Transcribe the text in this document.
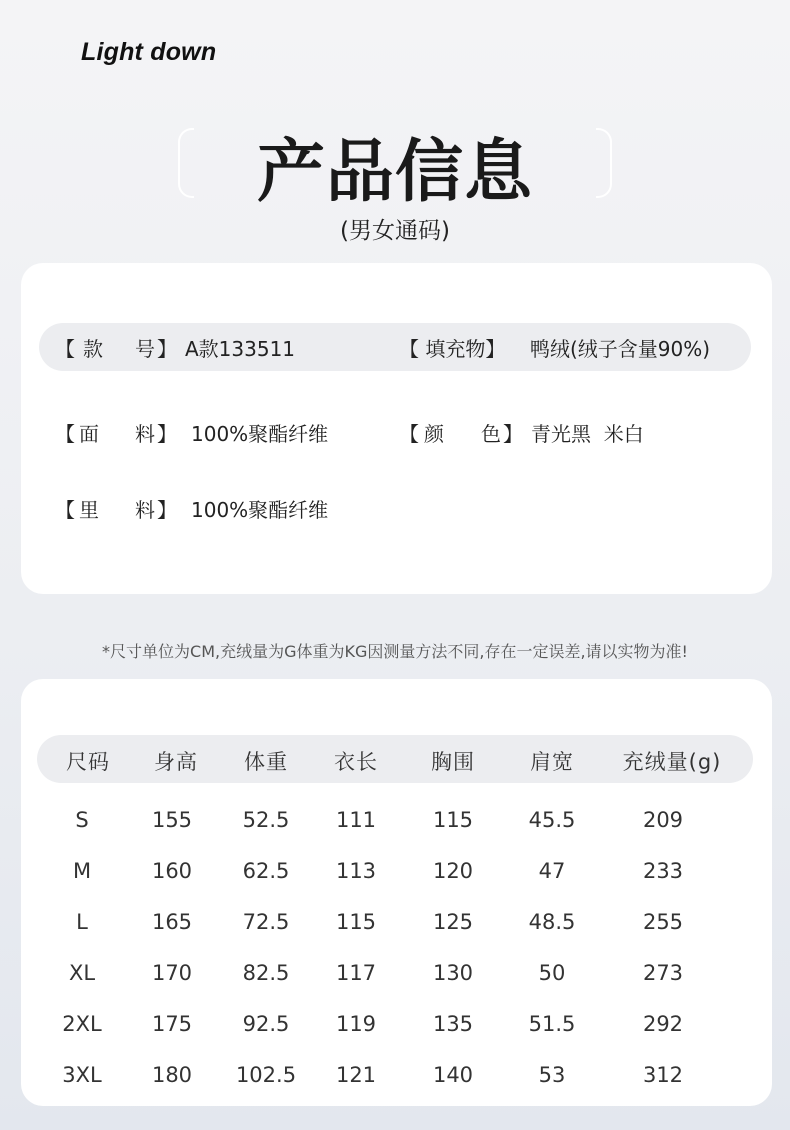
Light down
产品信息
(男女通码)
【 款 号 】 A款133511	【 填充物】 鸭绒(绒子含量90%)
【 面 料 】 100%聚酯纤维	【 颜 色 】 青光黑  米白
【 里 料 】 100%聚酯纤维
*尺寸单位为CM,充绒量为G体重为KG因测量方法不同,存在一定误差,请以实物为准!
尺码 身高 体重 衣长	胸围	肩宽 充绒量(g)
S	155 52.5 111	115	45.5	209
M	160 62.5 113	120	47	233
L	165 72.5 115	125	48.5	255
XL	170 82.5 117	130	50	273
2XL 175 92.5 119	135	51.5	292
3XL 180 102.5 121	140	53	312
